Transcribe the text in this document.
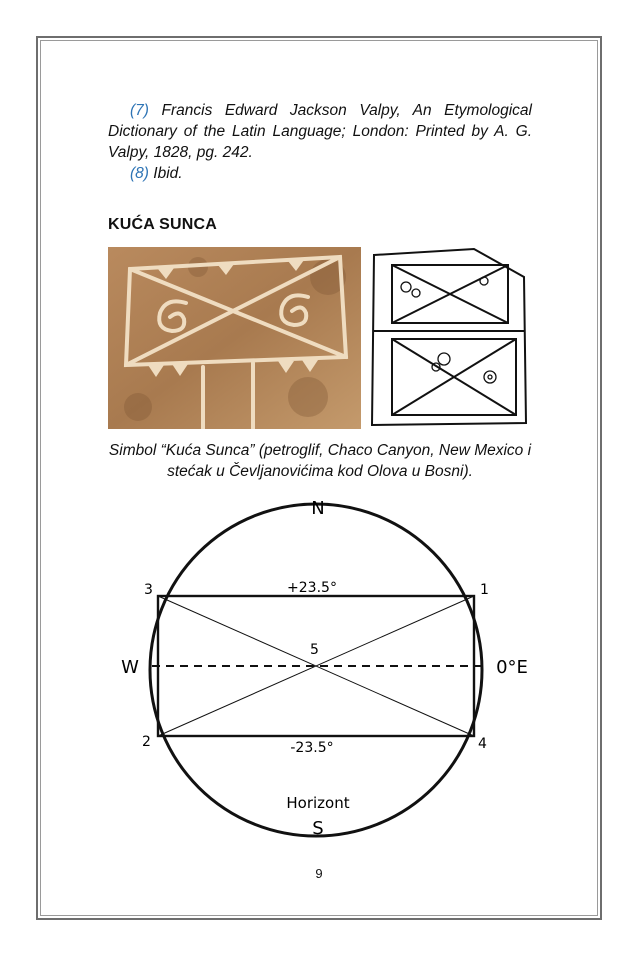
(7) Francis Edward Jackson Valpy, An Etymological Dictionary of the Latin Language; London: Printed by A. G. Valpy, 1828, pg. 242.
(8) Ibid.
KUĆA SUNCA
Simbol “Kuća Sunca” (petroglif, Chaco Canyon, New Mexico i stećak u Čevljanovićima kod Olova u Bosni).
N
S
Horizont
W	0°E
+23.5°
-23.5°
1
2
3
4
5
9
